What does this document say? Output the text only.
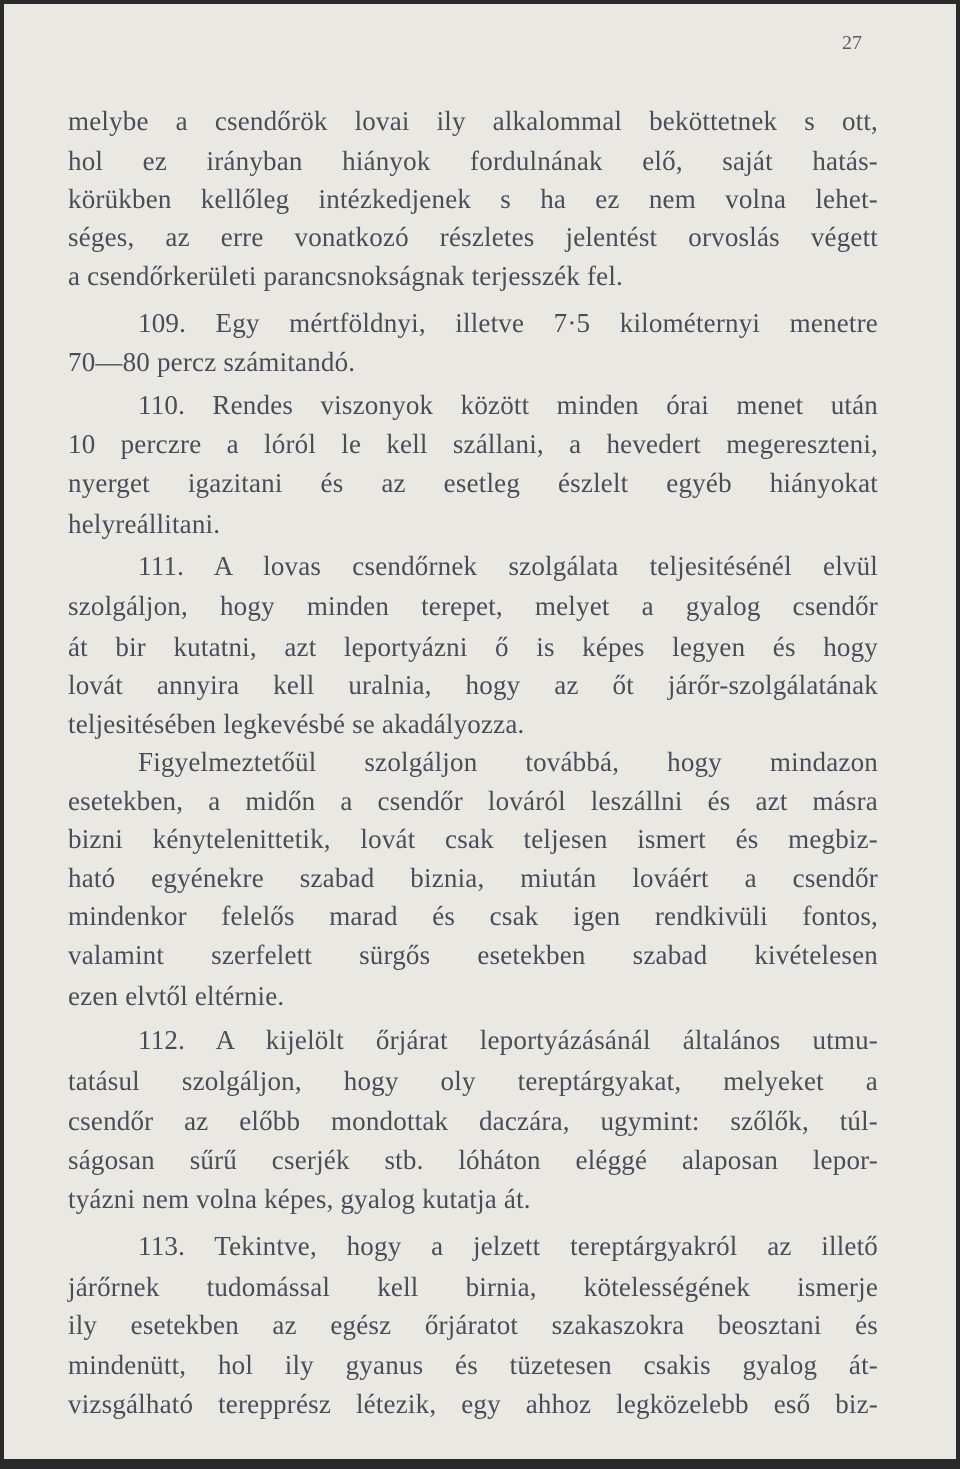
27
melybe a csendőrök lovai ily alkalommal beköttetnek s ott,
hol ez irányban hiányok fordulnának elő, saját hatás-
körükben kellőleg intézkedjenek s ha ez nem volna lehet-
séges, az erre vonatkozó részletes jelentést orvoslás végett
a csendőrkerületi parancsnokságnak terjesszék fel.
109. Egy mértföldnyi, illetve 7·5 kilométernyi menetre
70—80 percz számitandó.
110. Rendes viszonyok között minden órai menet után
10 perczre a lóról le kell szállani, a hevedert megereszteni,
nyerget igazitani és az esetleg észlelt egyéb hiányokat
helyreállitani.
111. A lovas csendőrnek szolgálata teljesitésénél elvül
szolgáljon, hogy minden terepet, melyet a gyalog csendőr
át bir kutatni, azt leportyázni ő is képes legyen és hogy
lovát annyira kell uralnia, hogy az őt járőr-szolgálatának
teljesitésében legkevésbé se akadályozza.
Figyelmeztetőül szolgáljon továbbá, hogy mindazon
esetekben, a midőn a csendőr lováról leszállni és azt másra
bizni kénytelenittetik, lovát csak teljesen ismert és megbiz-
ható egyénekre szabad biznia, miután lováért a csendőr
mindenkor felelős marad és csak igen rendkivüli fontos,
valamint szerfelett sürgős esetekben szabad kivételesen
ezen elvtől eltérnie.
112. A kijelölt őrjárat leportyázásánál általános utmu-
tatásul szolgáljon, hogy oly tereptárgyakat, melyeket a
csendőr az előbb mondottak daczára, ugymint: szőlők, túl-
ságosan sűrű cserjék stb. lóháton eléggé alaposan lepor-
tyázni nem volna képes, gyalog kutatja át.
113. Tekintve, hogy a jelzett tereptárgyakról az illető
járőrnek tudomással kell birnia, kötelességének ismerje
ily esetekben az egész őrjáratot szakaszokra beosztani és
mindenütt, hol ily gyanus és tüzetesen csakis gyalog át-
vizsgálható terepprész létezik, egy ahhoz legközelebb eső biz-
